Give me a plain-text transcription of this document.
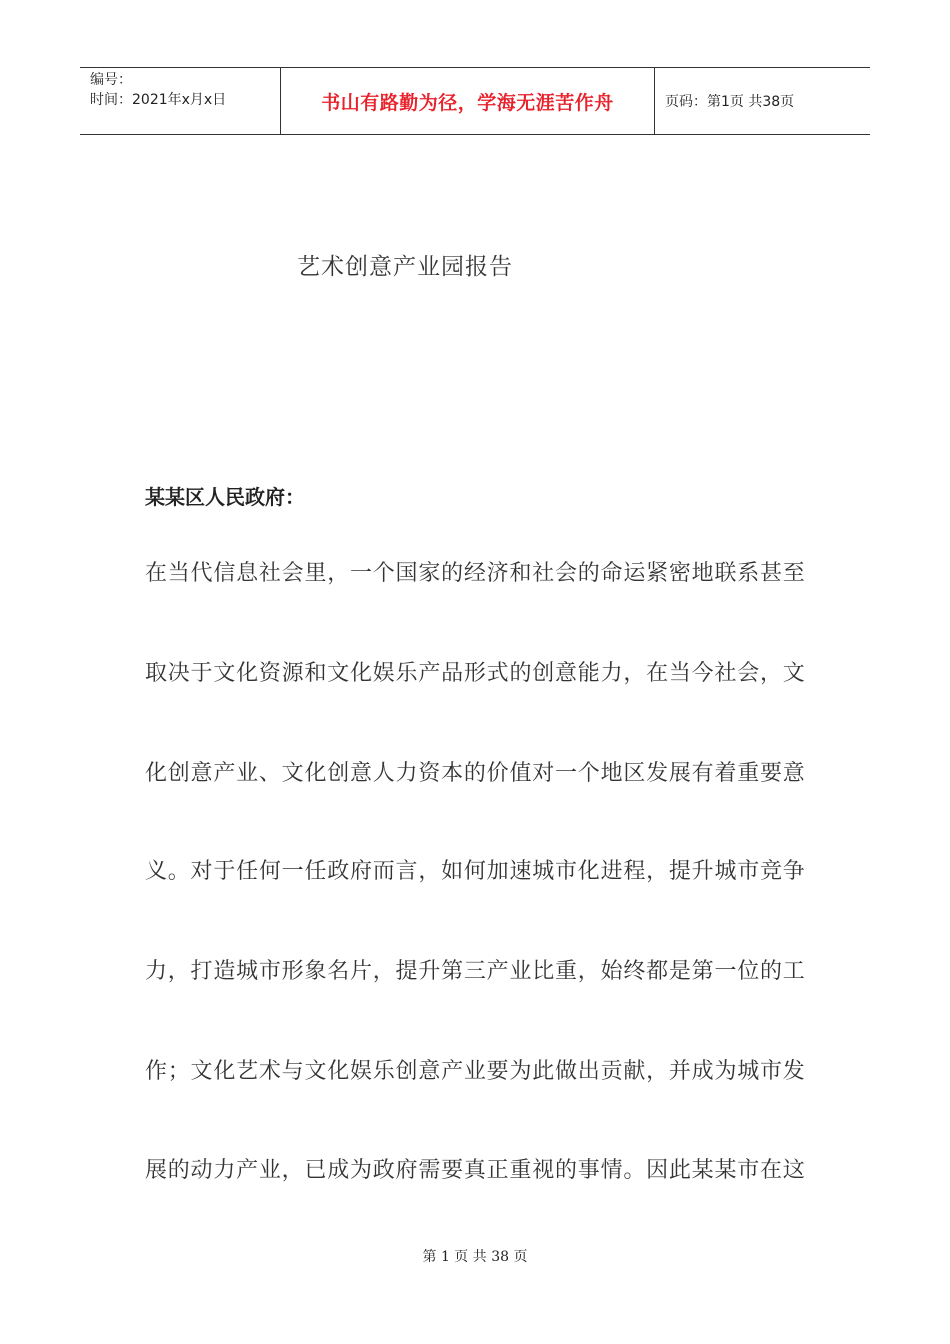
编号：
时间：2021年x月x日	书山有路勤为径，学海无涯苦作舟	页码：第1页 共38页
艺术创意产业园报告
某某区人民政府：
在当代信息社会里，一个国家的经济和社会的命运紧密地联系甚至
取决于文化资源和文化娱乐产品形式的创意能力，在当今社会，文
化创意产业、文化创意人力资本的价值对一个地区发展有着重要意
义。对于任何一任政府而言，如何加速城市化进程，提升城市竞争
力，打造城市形象名片，提升第三产业比重，始终都是第一位的工
作；文化艺术与文化娱乐创意产业要为此做出贡献，并成为城市发
展的动力产业，已成为政府需要真正重视的事情。因此某某市在这
第 1 页 共 38 页
